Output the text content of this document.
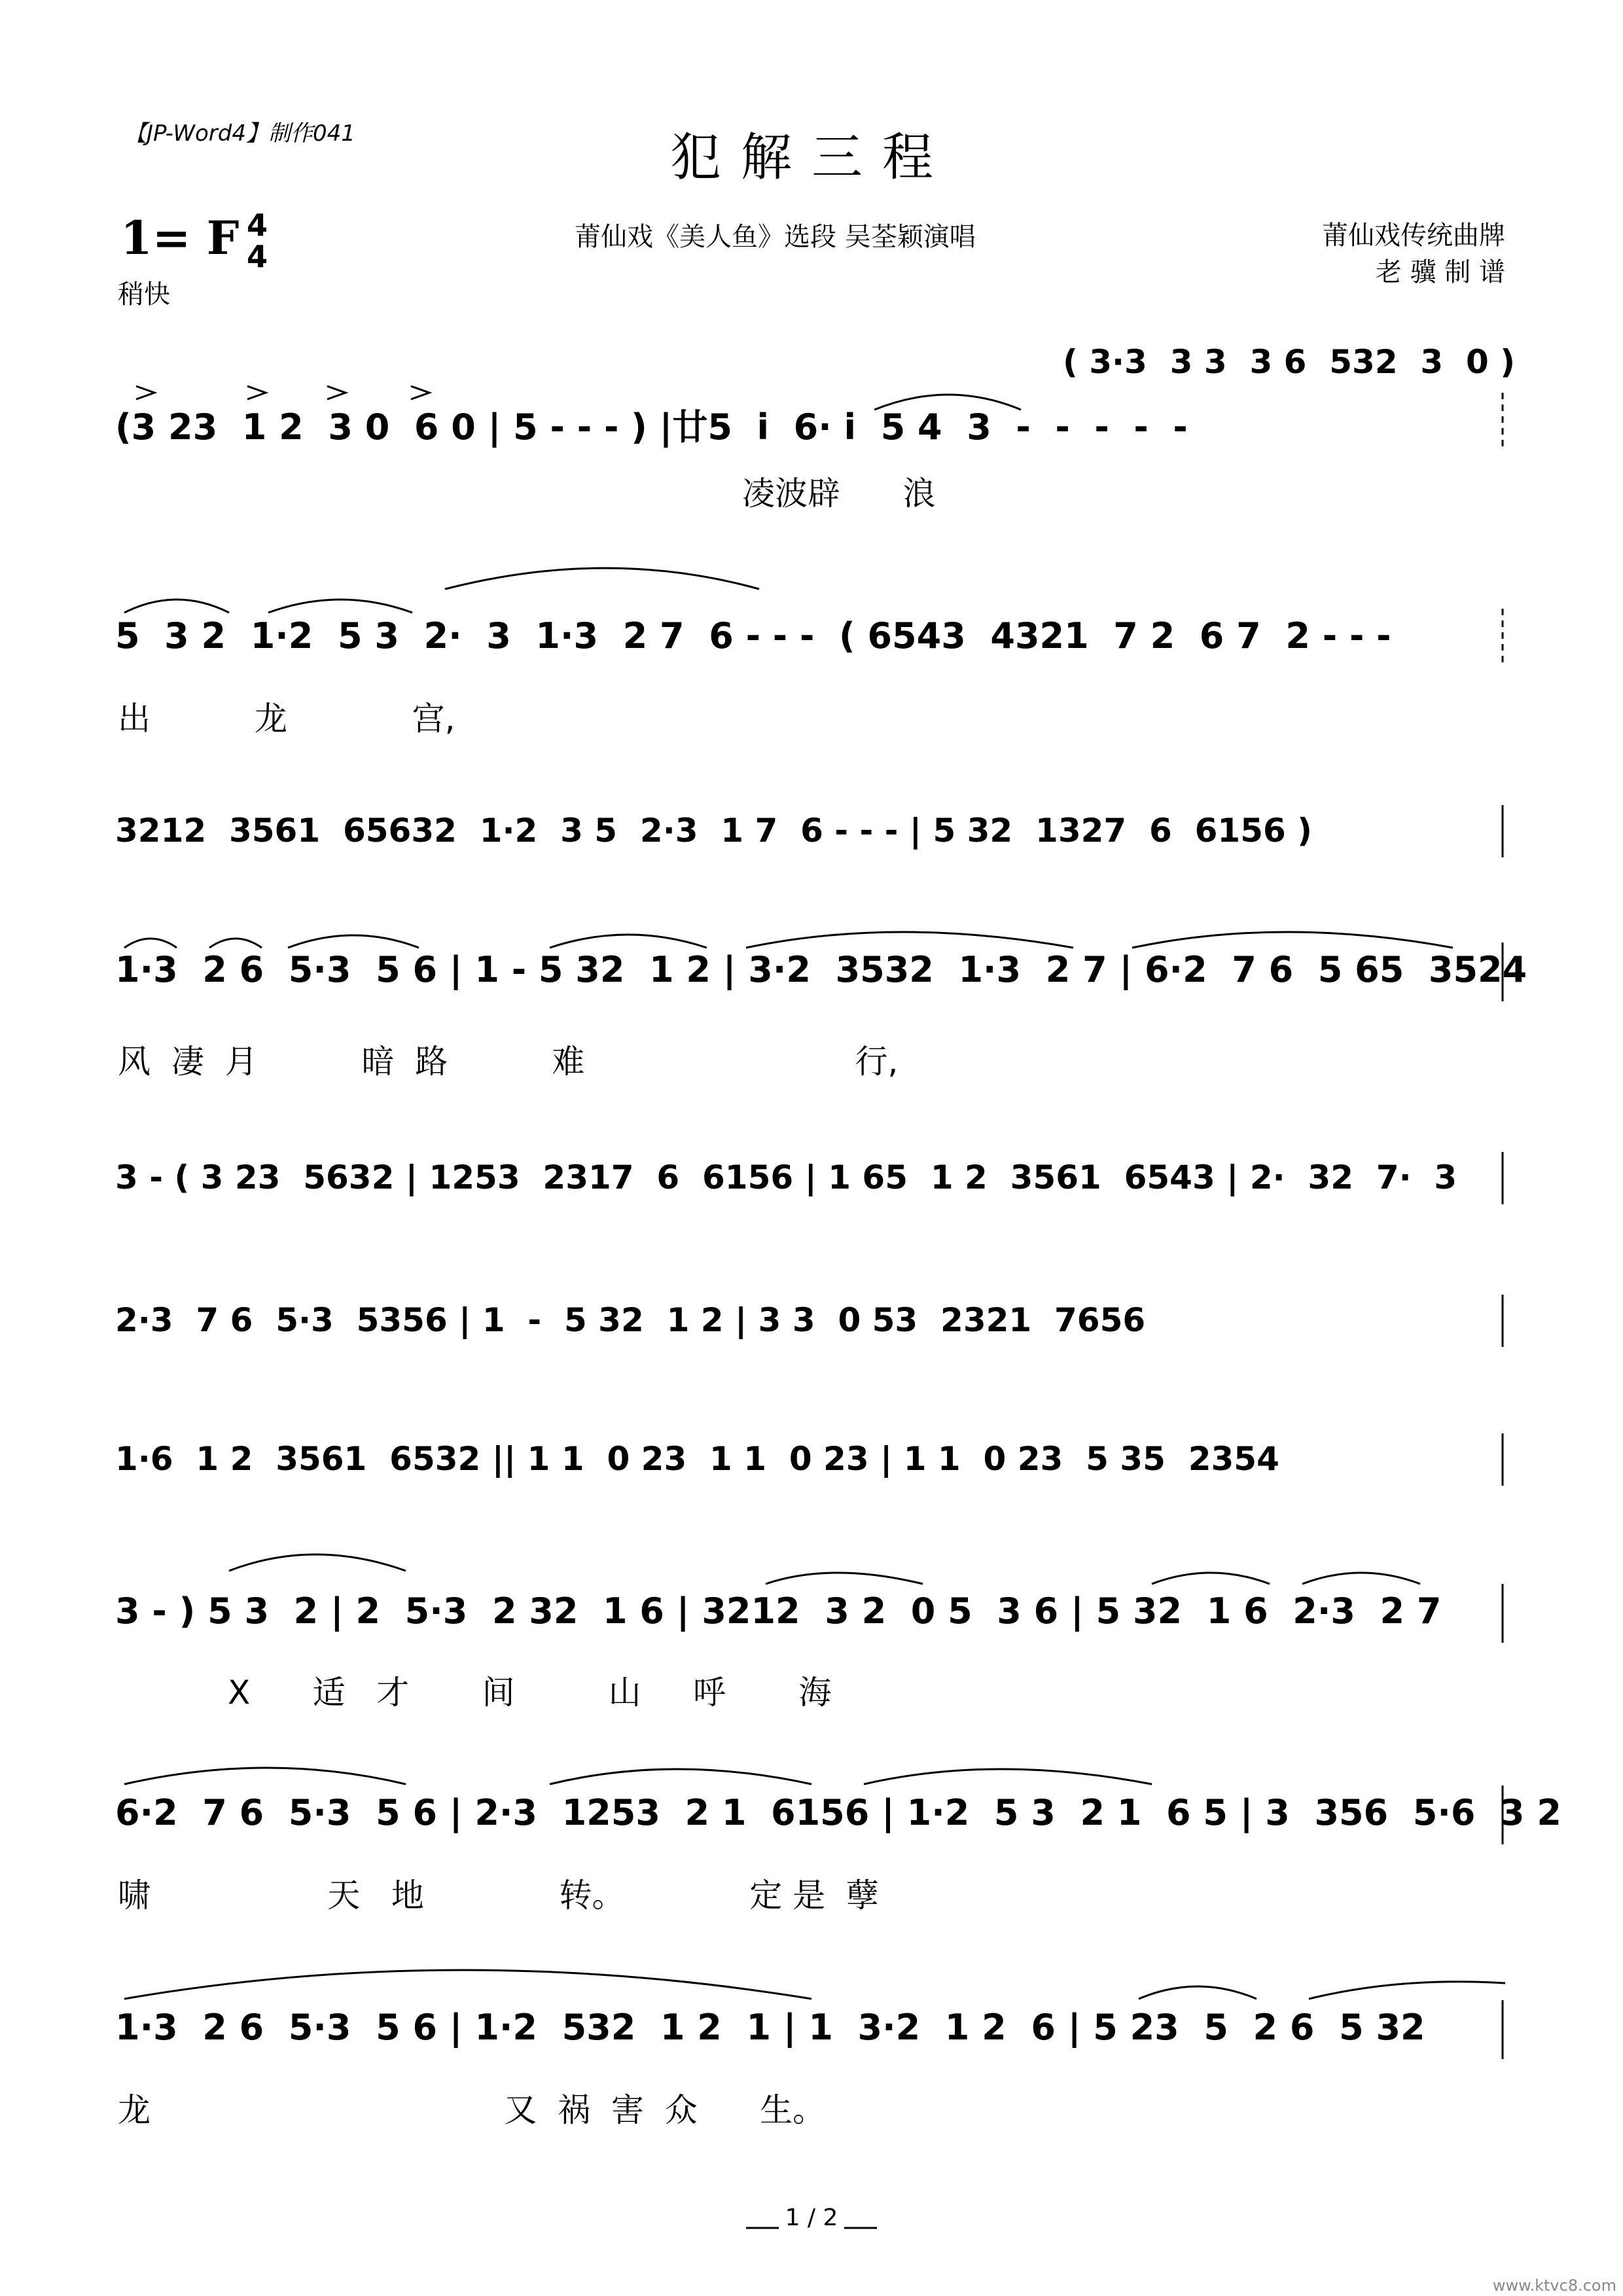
【JP-Word4】制作041	犯解三程
1= F 4
4
稍快
莆仙戏《美人鱼》选段 吴荃颖演唱	莆仙戏传统曲牌
老 骥 制 谱
( 3·3  3 3  3 6  532  3  0 )
(3 23  1 2  3 0  6 0 | 5 - - - ) |廿5  i  6· i  5 4  3  -  -  -  -  -
凌波辟      浪
5  3 2  1·2  5 3  2·  3  1·3  2 7  6 - - -  ( 6543  4321  7 2  6 7  2 - - -
出          龙            宫,
3212  3561  65632  1·2  3 5  2·3  1 7  6 - - - | 5 32  1327  6  6156 )
1·3  2 6  5·3  5 6 | 1 - 5 32  1 2 | 3·2  3532  1·3  2 7 | 6·2  7 6  5 65  3524
风  凄  月          暗  路          难                          行,
3 - ( 3 23  5632 | 1253  2317  6  6156 | 1 65  1 2  3561  6543 | 2·  32  7·  3
2·3  7 6  5·3  5356 | 1  -  5 32  1 2 | 3 3  0 53  2321  7656
1·6  1 2  3561  6532 || 1 1  0 23  1 1  0 23 | 1 1  0 23  5 35  2354
3 - ) 5 3  2 | 2  5·3  2 32  1 6 | 3212  3 2  0 5  3 6 | 5 32  1 6  2·3  2 7
X      适   才       间         山     呼       海
6·2  7 6  5·3  5 6 | 2·3  1253  2 1  6156 | 1·2  5 3  2 1  6 5 | 3  356  5·6  3 2
啸                 天   地             转。            定 是  孽
1·3  2 6  5·3  5 6 | 1·2  532  1 2  1 | 1  3·2  1 2  6 | 5 23  5  2 6  5 32
龙                                  又  祸  害  众      生。
1 / 2
www.ktvc8.com
